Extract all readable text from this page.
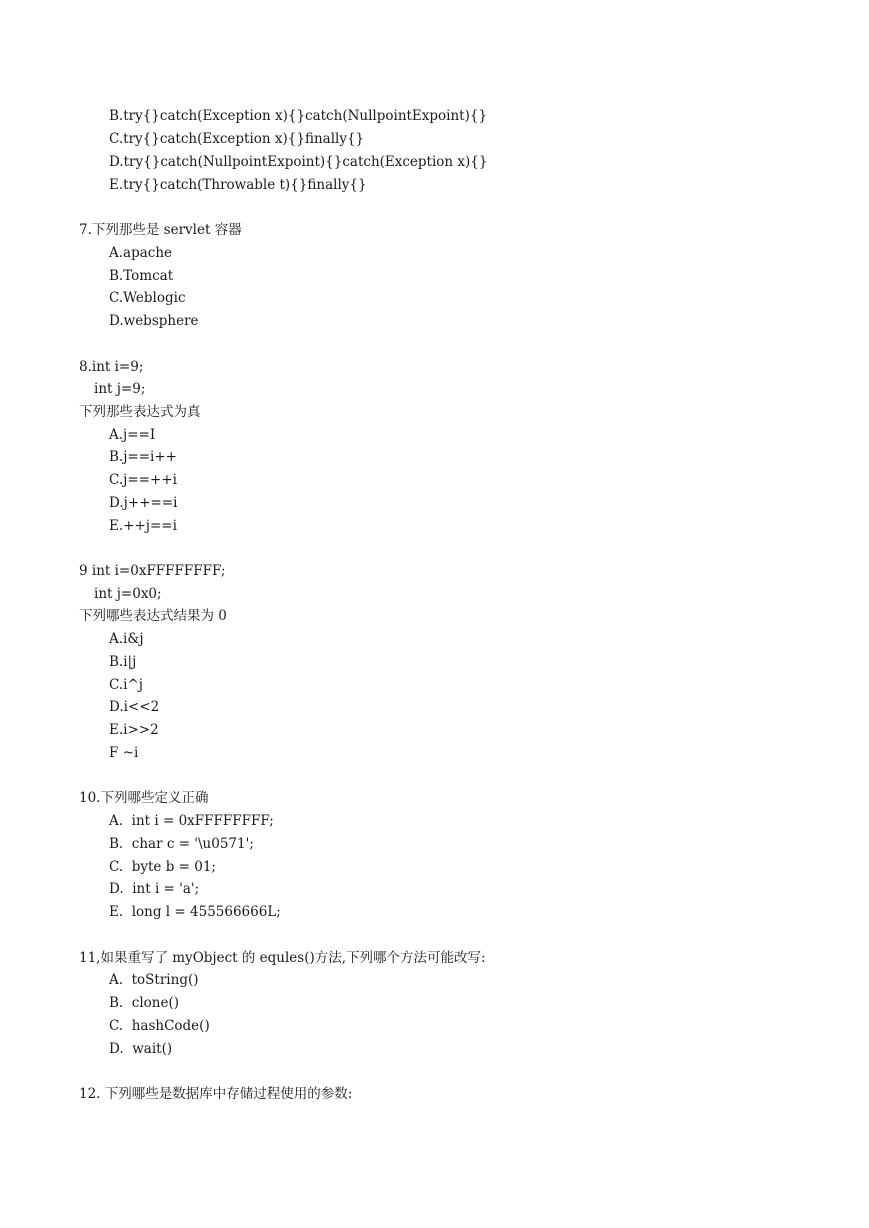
B.try{}catch(Exception x){}catch(NullpointExpoint){}
C.try{}catch(Exception x){}finally{}
D.try{}catch(NullpointExpoint){}catch(Exception x){}
E.try{}catch(Throwable t){}finally{}
7.下列那些是 servlet 容器
A.apache
B.Tomcat
C.Weblogic
D.websphere
8.int i=9;
int j=9;
下列那些表达式为真
A.j==I
B.j==i++
C.j==++i
D.j++==i
E.++j==i
9 int i=0xFFFFFFFF;
int j=0x0;
下列哪些表达式结果为 0
A.i&j
B.i|j
C.i^j
D.i<<2
E.i>>2
F ~i
10.下列哪些定义正确
A.  int i = 0xFFFFFFFF;
B.  char c = '\u0571';
C.  byte b = 01;
D.  int i = 'a';
E.  long l = 455566666L;
11,如果重写了 myObject 的 equles()方法,下列哪个方法可能改写:
A.  toString()
B.  clone()
C.  hashCode()
D.  wait()
12. 下列哪些是数据库中存储过程使用的参数:
